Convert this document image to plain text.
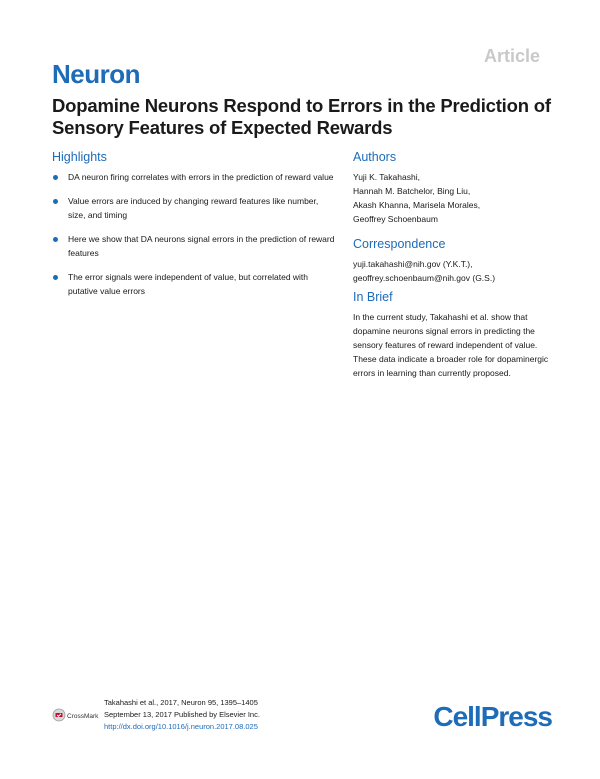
Article
Neuron
Dopamine Neurons Respond to Errors in the Prediction of Sensory Features of Expected Rewards
Highlights
DA neuron firing correlates with errors in the prediction of reward value
Value errors are induced by changing reward features like number, size, and timing
Here we show that DA neurons signal errors in the prediction of reward features
The error signals were independent of value, but correlated with putative value errors
Authors
Yuji K. Takahashi,
Hannah M. Batchelor, Bing Liu,
Akash Khanna, Marisela Morales,
Geoffrey Schoenbaum
Correspondence
yuji.takahashi@nih.gov (Y.K.T.),
geoffrey.schoenbaum@nih.gov (G.S.)
In Brief
In the current study, Takahashi et al. show that dopamine neurons signal errors in predicting the sensory features of reward independent of value. These data indicate a broader role for dopaminergic errors in learning than currently proposed.
CrossMark
Takahashi et al., 2017, Neuron 95, 1395–1405
September 13, 2017 Published by Elsevier Inc.
http://dx.doi.org/10.1016/j.neuron.2017.08.025	CellPress
